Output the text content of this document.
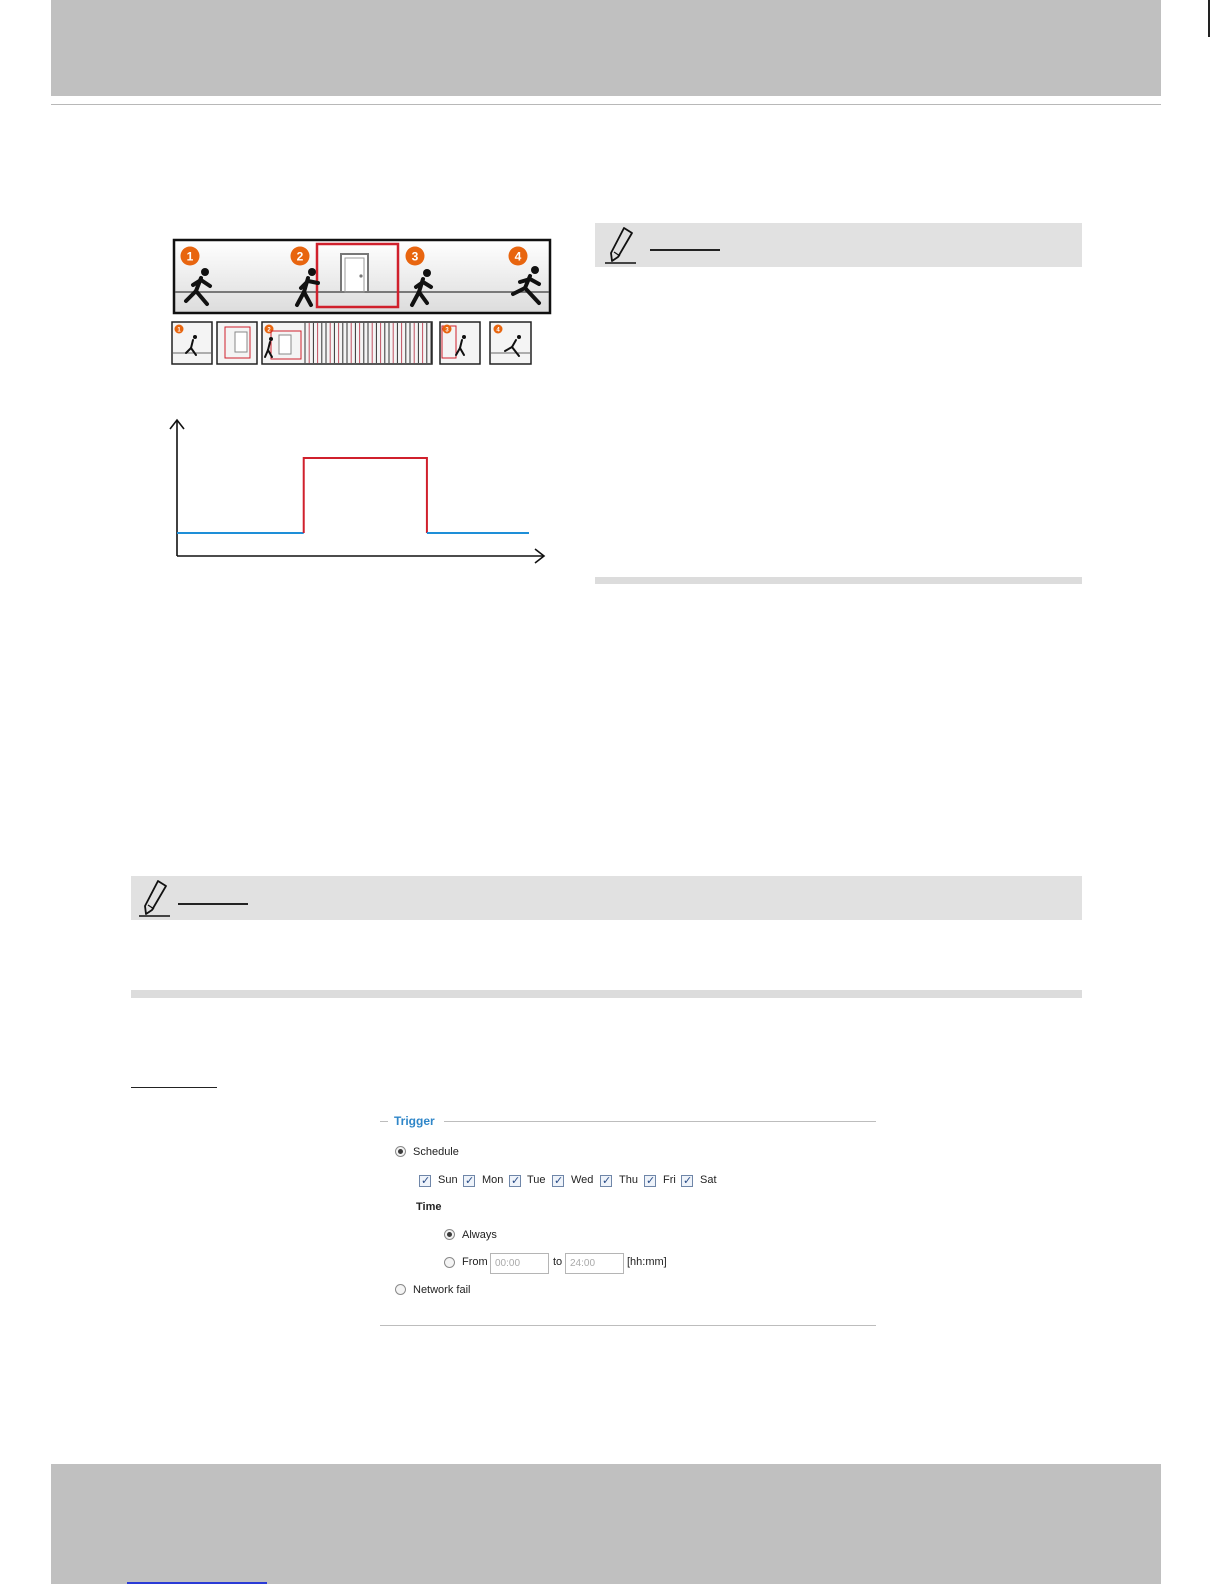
1	2	3	4
1	2	3	4
Trigger
Schedule
✓
Sun ✓ Mon ✓ Tue ✓ Wed ✓ Thu ✓ Fri ✓ Sat
Time
Always
From 00:00	to 24:00	[hh:mm]
Network fail
